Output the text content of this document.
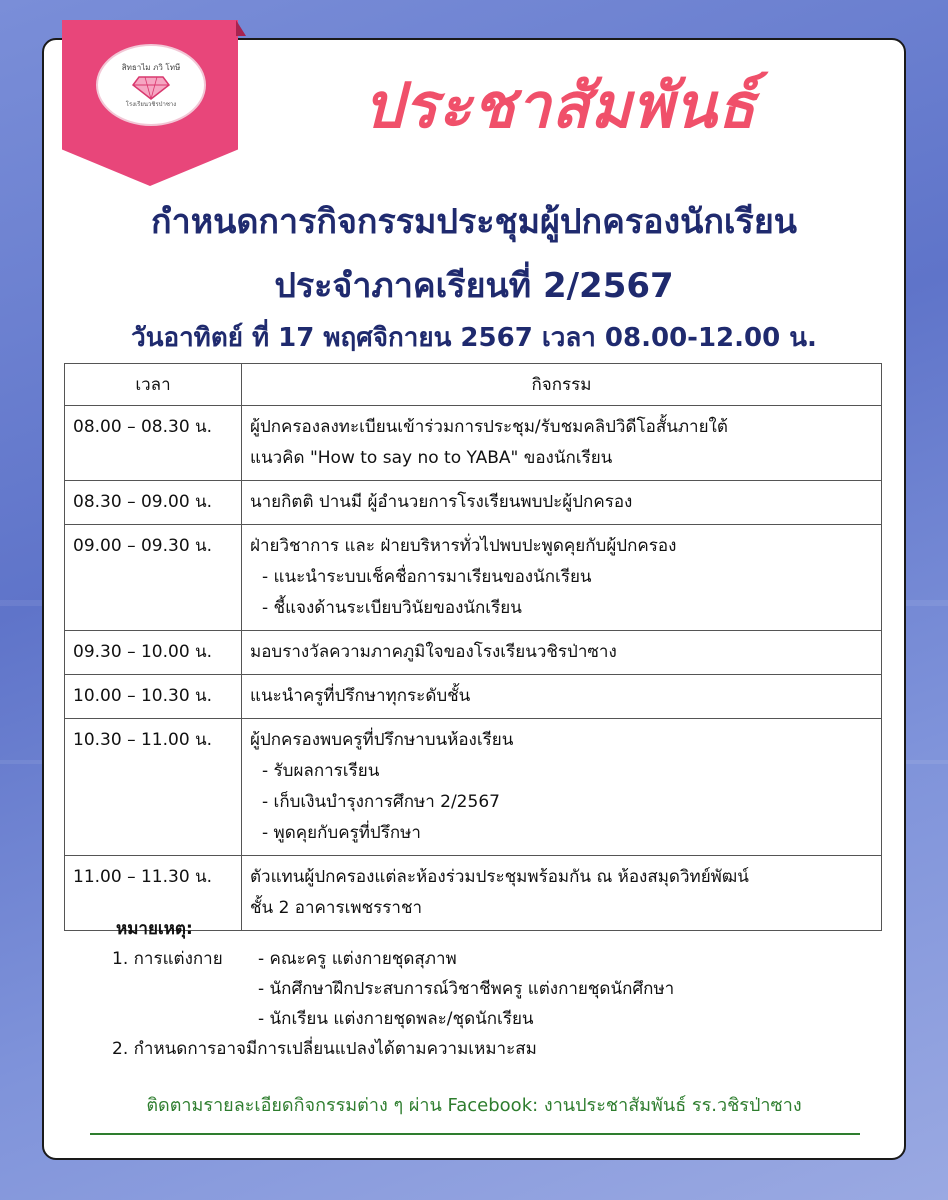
สิทธาไม ภวิ โทษี
โรงเรียนวชิรป่าซาง	ประชาสัมพันธ์
กำหนดการกิจกรรมประชุมผู้ปกครองนักเรียน
ประจำภาคเรียนที่ 2/2567
วันอาทิตย์ ที่ 17 พฤศจิกายน 2567 เวลา 08.00-12.00 น.
เวลา	กิจกรรม
08.00 – 08.30 น.	ผู้ปกครองลงทะเบียนเข้าร่วมการประชุม/รับชมคลิปวิดีโอสั้นภายใต้
แนวคิด "How to say no to YABA" ของนักเรียน

08.30 – 09.00 น.	นายกิตติ ปานมี ผู้อำนวยการโรงเรียนพบปะผู้ปกครอง

09.00 – 09.30 น.	ฝ่ายวิชาการ และ ฝ่ายบริหารทั่วไปพบปะพูดคุยกับผู้ปกครอง
- แนะนำระบบเช็คชื่อการมาเรียนของนักเรียน
- ชี้แจงด้านระเบียบวินัยของนักเรียน

09.30 – 10.00 น.	มอบรางวัลความภาคภูมิใจของโรงเรียนวชิรป่าซาง

10.00 – 10.30 น.	แนะนำครูที่ปรึกษาทุกระดับชั้น

10.30 – 11.00 น.	ผู้ปกครองพบครูที่ปรึกษาบนห้องเรียน
- รับผลการเรียน
- เก็บเงินบำรุงการศึกษา 2/2567
- พูดคุยกับครูที่ปรึกษา

11.00 – 11.30 น.	ตัวแทนผู้ปกครองแต่ละห้องร่วมประชุมพร้อมกัน ณ ห้องสมุดวิทย์พัฒน์
ชั้น 2 อาคารเพชรราชา
หมายเหตุ:
1. การแต่งกาย	- คณะครู แต่งกายชุดสุภาพ
- นักศึกษาฝึกประสบการณ์วิชาชีพครู แต่งกายชุดนักศึกษา
- นักเรียน แต่งกายชุดพละ/ชุดนักเรียน
2. กำหนดการอาจมีการเปลี่ยนแปลงได้ตามความเหมาะสม
ติดตามรายละเอียดกิจกรรมต่าง ๆ ผ่าน Facebook: งานประชาสัมพันธ์ รร.วชิรป่าซาง
